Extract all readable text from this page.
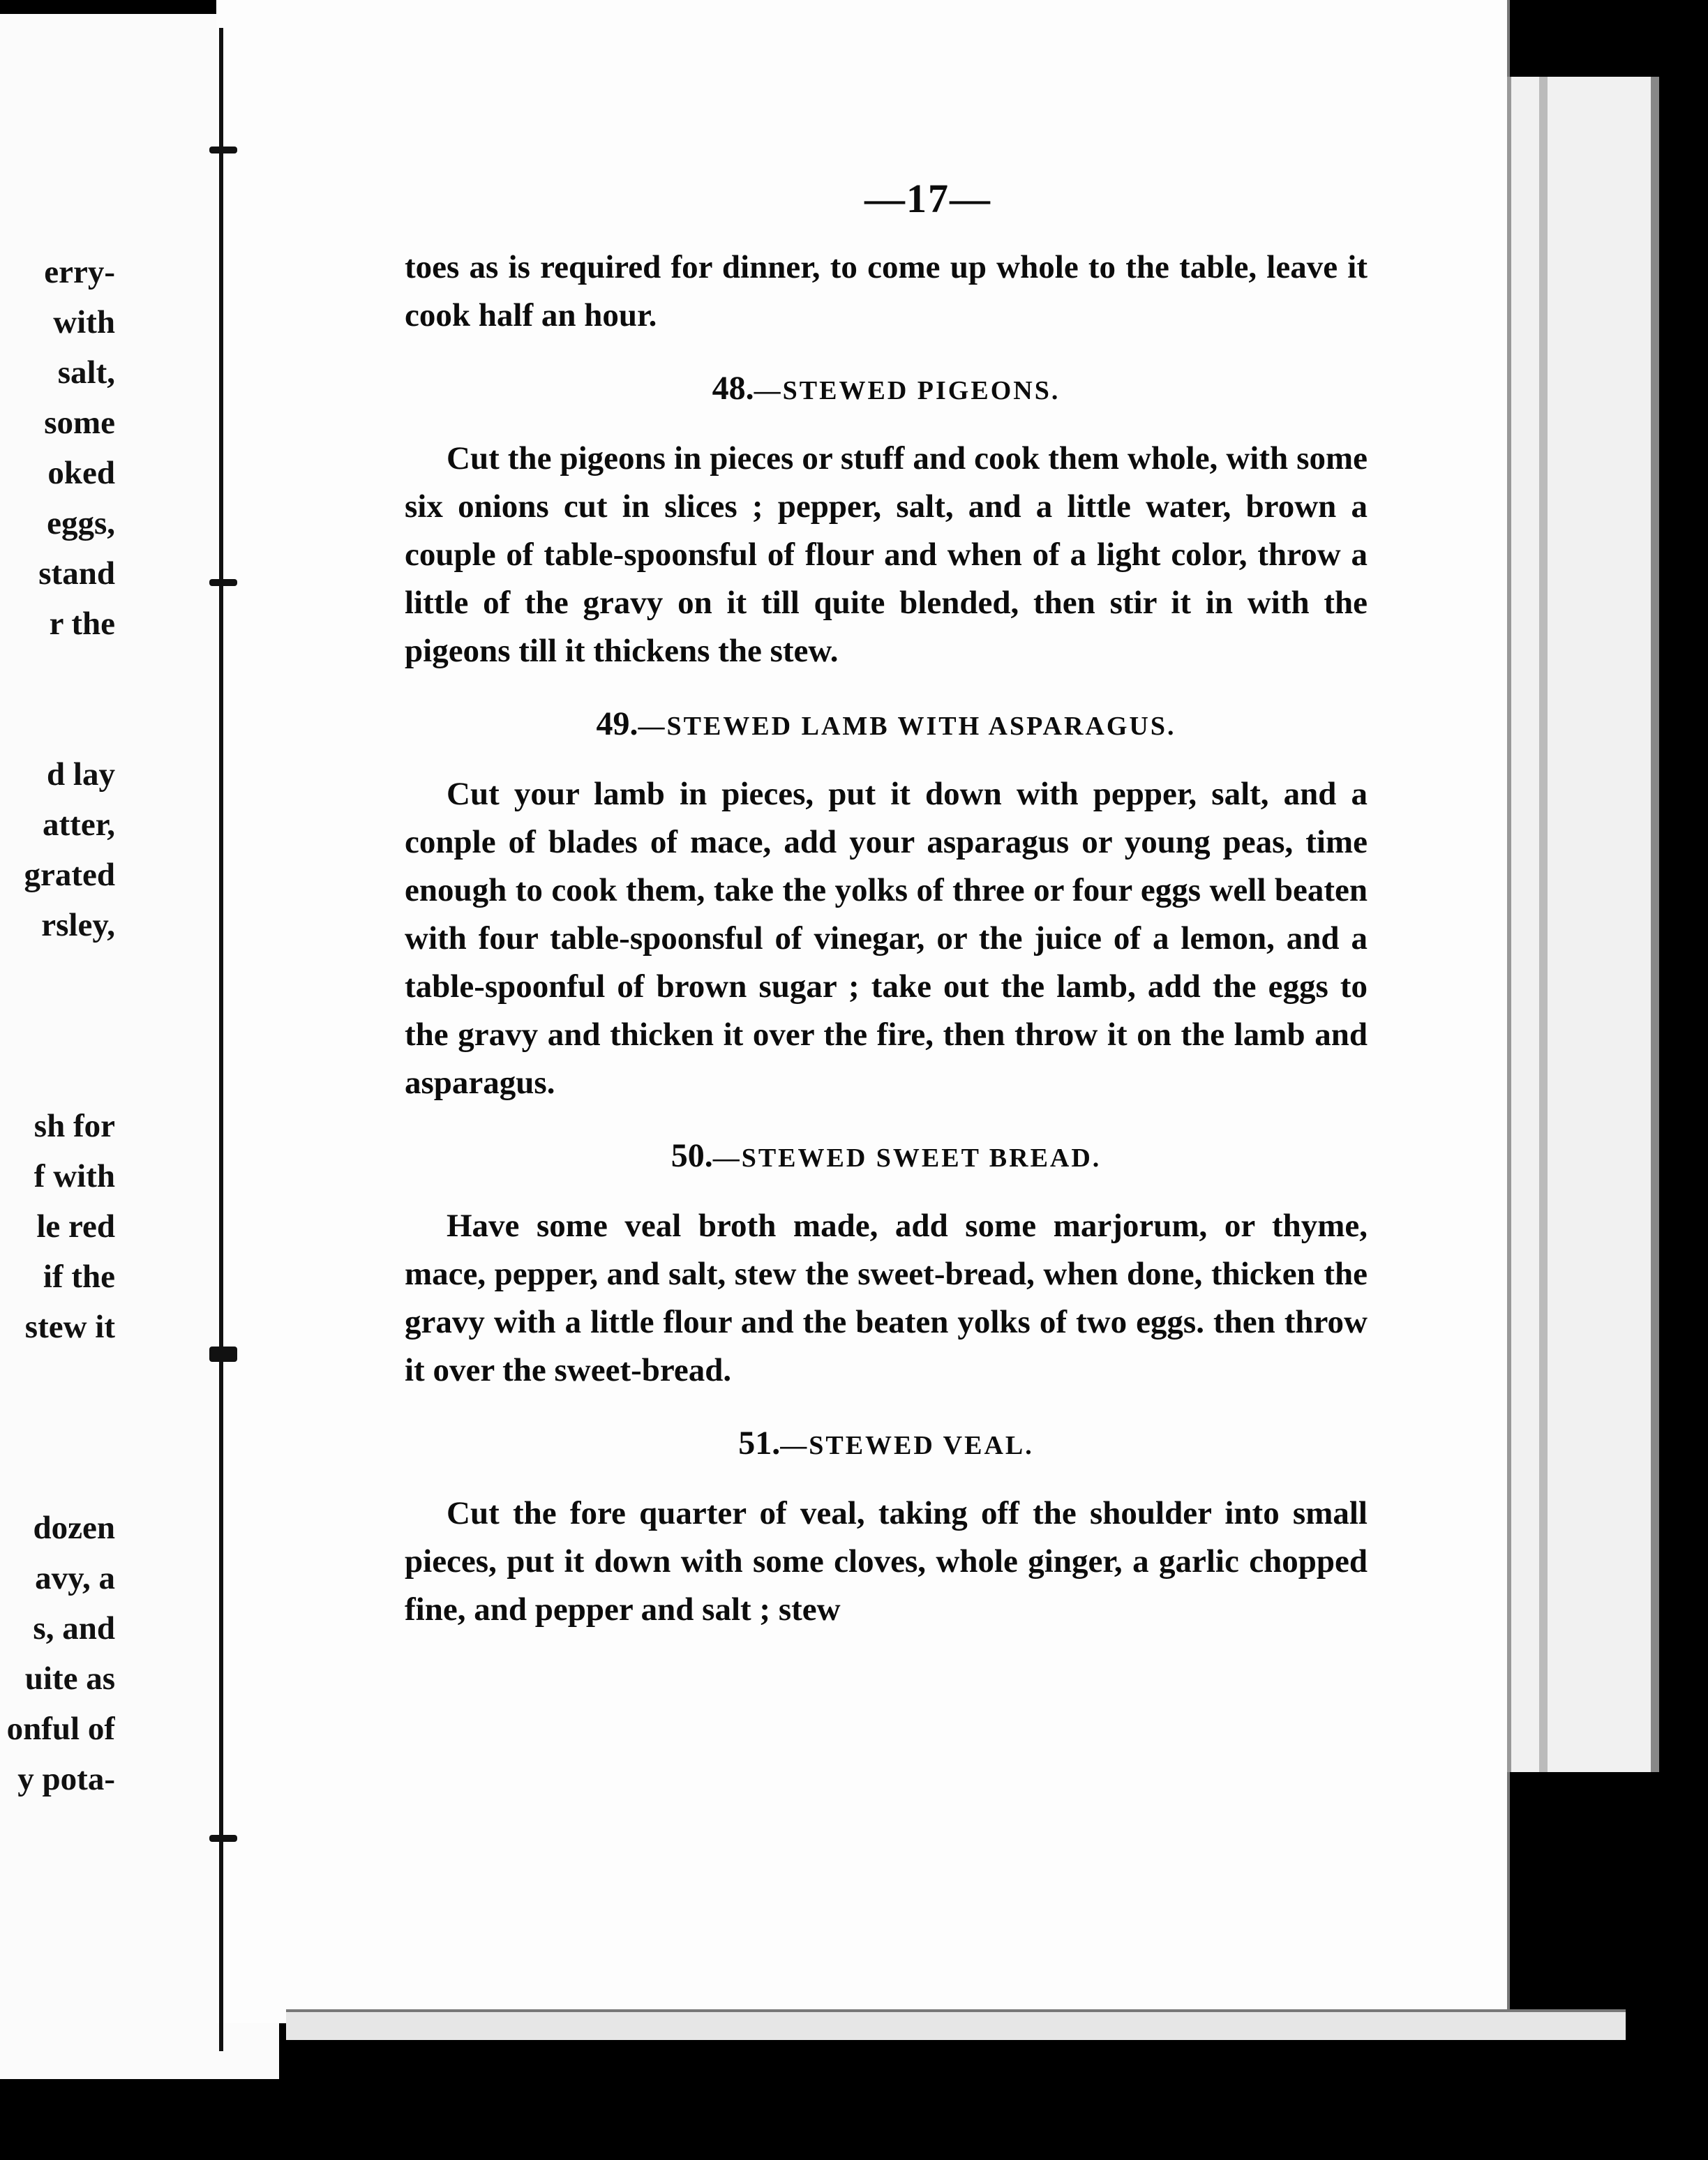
erry-
with
salt,
some
oked
eggs,
stand
r the
d lay
atter,
grated
rsley,
sh for
f with
le red
if the
stew it
dozen
avy, a
s, and
uite as
onful of
y pota-
—17—

toes as is required for dinner, to come up whole to the table, leave it cook half an hour.

48.—STEWED PIGEONS.

Cut the pigeons in pieces or stuff and cook them whole, with some six onions cut in slices ; pepper, salt, and a little water, brown a couple of table-spoonsful of flour and when of a light color, throw a little of the gravy on it till quite blended, then stir it in with the pigeons till it thickens the stew.

49.—STEWED LAMB WITH ASPARAGUS.

Cut your lamb in pieces, put it down with pepper, salt, and a conple of blades of mace, add your asparagus or young peas, time enough to cook them, take the yolks of three or four eggs well beaten with four table-spoonsful of vinegar, or the juice of a lemon, and a table-spoonful of brown sugar ; take out the lamb, add the eggs to the gravy and thicken it over the fire, then throw it on the lamb and asparagus.

50.—STEWED SWEET BREAD.

Have some veal broth made, add some marjorum, or thyme, mace, pepper, and salt, stew the sweet-bread, when done, thicken the gravy with a little flour and the beaten yolks of two eggs. then throw it over the sweet-bread.

51.—STEWED VEAL.

Cut the fore quarter of veal, taking off the shoulder into small pieces, put it down with some cloves, whole ginger, a garlic chopped fine, and pepper and salt ; stew
